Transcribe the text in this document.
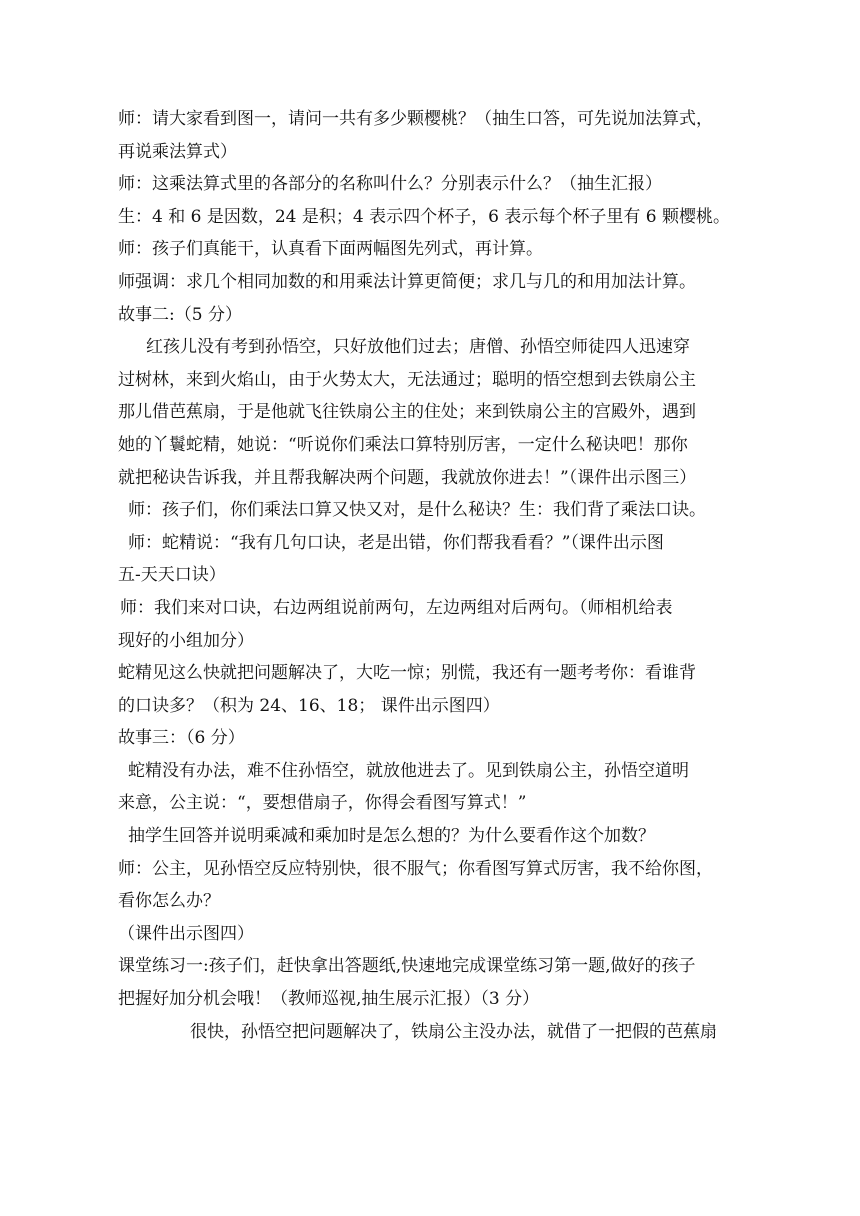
师：请大家看到图一，请问一共有多少颗樱桃？（抽生口答，可先说加法算式，
再说乘法算式）
师：这乘法算式里的各部分的名称叫什么？分别表示什么？（抽生汇报）
生：4 和 6 是因数，24 是积；4 表示四个杯子，6 表示每个杯子里有 6 颗樱桃。
师：孩子们真能干，认真看下面两幅图先列式，再计算。
师强调：求几个相同加数的和用乘法计算更简便；求几与几的和用加法计算。
故事二:（5 分）
红孩儿没有考到孙悟空，只好放他们过去；唐僧、孙悟空师徒四人迅速穿
过树林，来到火焰山，由于火势太大，无法通过；聪明的悟空想到去铁扇公主
那儿借芭蕉扇，于是他就飞往铁扇公主的住处；来到铁扇公主的宫殿外，遇到
她的丫鬟蛇精，她说：“听说你们乘法口算特别厉害，一定什么秘诀吧！那你
就把秘诀告诉我，并且帮我解决两个问题，我就放你进去！”（课件出示图三）
师：孩子们，你们乘法口算又快又对，是什么秘诀？生：我们背了乘法口诀。
师：蛇精说：“我有几句口诀，老是出错，你们帮我看看？”（课件出示图
五-天天口诀）
师：我们来对口诀，右边两组说前两句，左边两组对后两句。（师相机给表
现好的小组加分）
蛇精见这么快就把问题解决了，大吃一惊；别慌，我还有一题考考你：看谁背
的口诀多？（积为 24、16、18； 课件出示图四）
故事三：（6 分）
蛇精没有办法，难不住孙悟空，就放他进去了。见到铁扇公主，孙悟空道明
来意，公主说：“，要想借扇子，你得会看图写算式！”
抽学生回答并说明乘减和乘加时是怎么想的？为什么要看作这个加数？
师：公主，见孙悟空反应特别快，很不服气；你看图写算式厉害，我不给你图，
看你怎么办？
（课件出示图四）
课堂练习一:孩子们，赶快拿出答题纸,快速地完成课堂练习第一题,做好的孩子
把握好加分机会哦！（教师巡视,抽生展示汇报）（3 分）
很快，孙悟空把问题解决了，铁扇公主没办法，就借了一把假的芭蕉扇
